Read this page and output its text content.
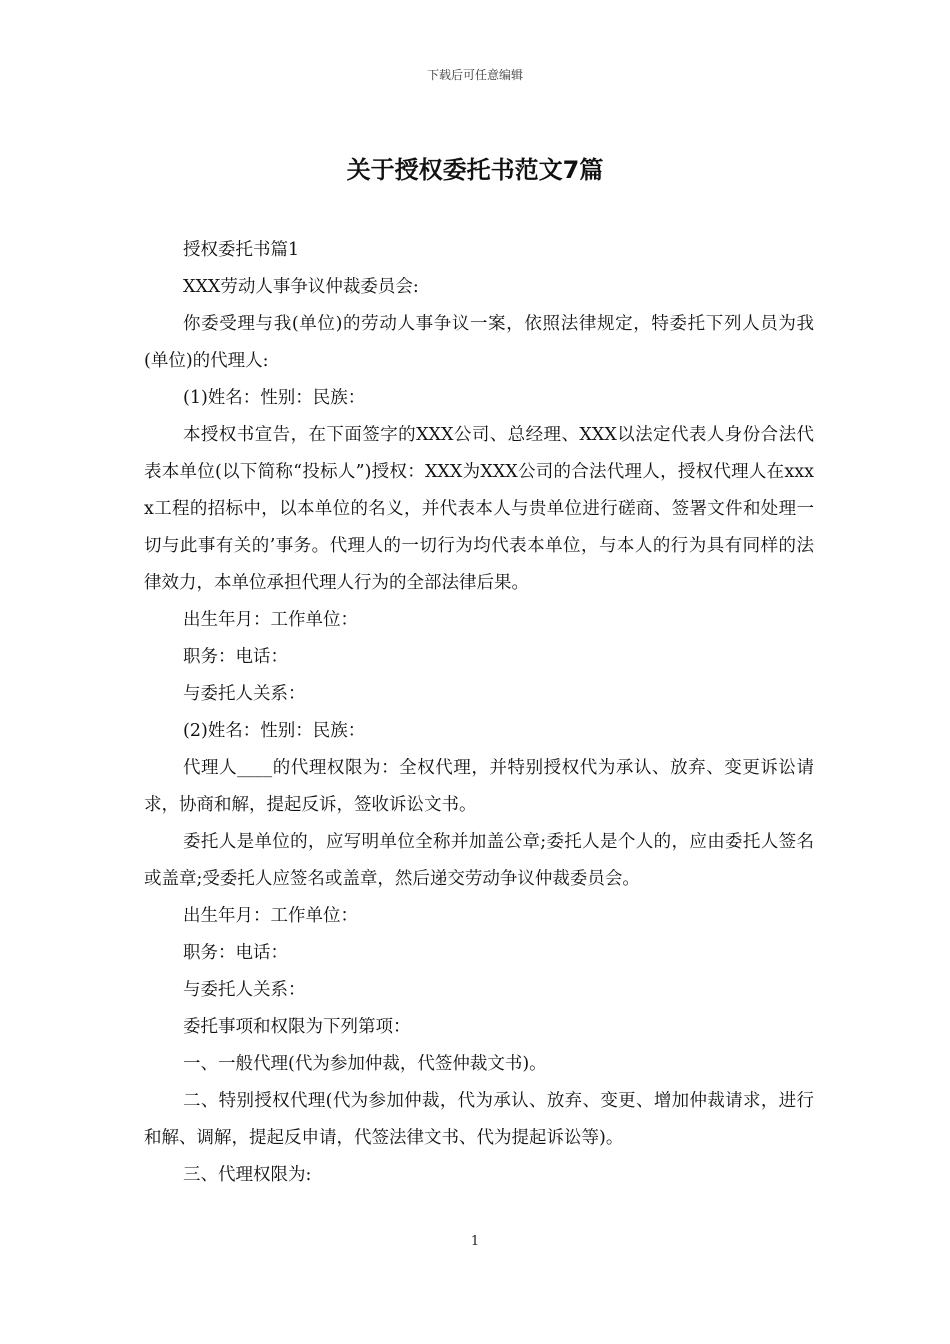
下载后可任意编辑
关于授权委托书范文7篇

授权委托书篇1

XXX劳动人事争议仲裁委员会:

你委受理与我(单位)的劳动人事争议一案，依照法律规定，特委托下列人员为我(单位)的代理人:

(1)姓名：性别：民族：

本授权书宣告，在下面签字的XXX公司、总经理、XXX以法定代表人身份合法代表本单位(以下简称“投标人”)授权：XXX为XXX公司的合法代理人，授权代理人在xxxx工程的招标中，以本单位的名义，并代表本人与贵单位进行磋商、签署文件和处理一切与此事有关的’事务。代理人的一切行为均代表本单位，与本人的行为具有同样的法律效力，本单位承担代理人行为的全部法律后果。

出生年月：工作单位：

职务：电话：

与委托人关系：

(2)姓名：性别：民族：

代理人____的代理权限为：全权代理，并特别授权代为承认、放弃、变更诉讼请求，协商和解，提起反诉，签收诉讼文书。

委托人是单位的，应写明单位全称并加盖公章;委托人是个人的，应由委托人签名或盖章;受委托人应签名或盖章，然后递交劳动争议仲裁委员会。

出生年月：工作单位：

职务：电话：

与委托人关系：

委托事项和权限为下列第项：

一、一般代理(代为参加仲裁，代签仲裁文书)。

二、特别授权代理(代为参加仲裁，代为承认、放弃、变更、增加仲裁请求，进行和解、调解，提起反申请，代签法律文书、代为提起诉讼等)。

三、代理权限为:

1
